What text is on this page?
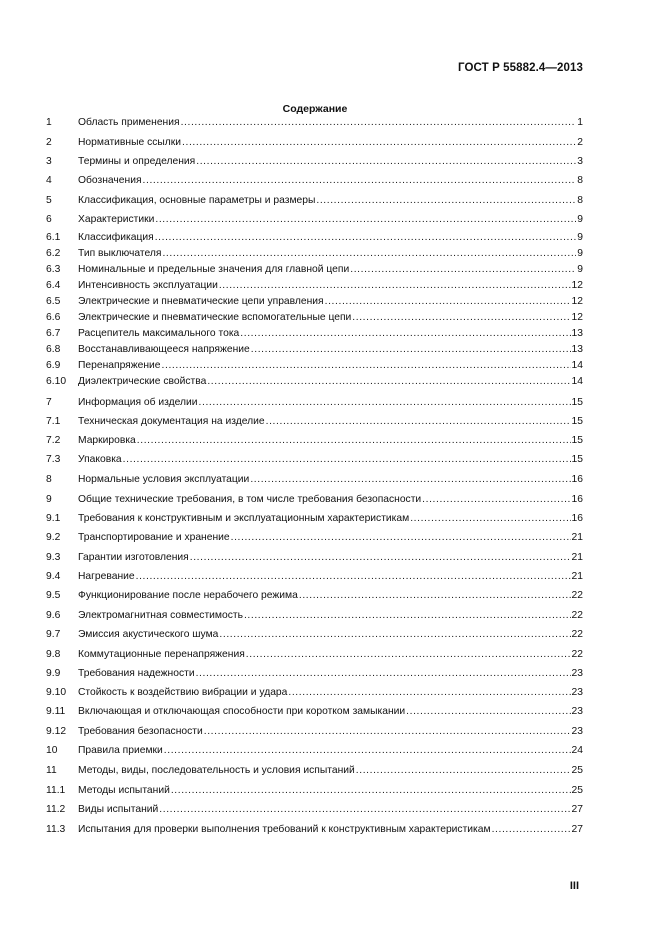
ГОСТ Р 55882.4—2013
Содержание
1	Область применения .....	1
2	Нормативные ссылки .....	2
3	Термины и определения .....	3
4	Обозначения .....	8
5	Классификация, основные параметры и размеры .....	8
6	Характеристики .....	9
6.1 Классификация .....	9
6.2 Тип выключателя .....	9
6.3 Номинальные и предельные значения для главной цепи .....	9
6.4 Интенсивность эксплуатации .....	12
6.5 Электрические и пневматические цепи управления .....	12
6.6 Электрические и пневматические вспомогательные цепи .....	12
6.7 Расцепитель максимального тока .....	13
6.8 Восстанавливающееся напряжение .....	13
6.9 Перенапряжение .....	14
6.10 Диэлектрические свойства .....	14
7	Информация об изделии .....	15
7.1 Техническая документация на изделие .....	15
7.2 Маркировка .....	15
7.3 Упаковка .....	15
8	Нормальные условия эксплуатации .....	16
9	Общие технические требования, в том числе требования безопасности .....	16
9.1 Требования к конструктивным и эксплуатационным характеристикам .....	16
9.2 Транспортирование и хранение .....	21
9.3 Гарантии изготовления .....	21
9.4 Нагревание .....	21
9.5 Функционирование после нерабочего режима .....	22
9.6 Электромагнитная совместимость .....	22
9.7 Эмиссия акустического шума .....	22
9.8 Коммутационные перенапряжения .....	22
9.9 Требования надежности .....	23
9.10 Стойкость к воздействию вибрации и удара .....	23
9.11 Включающая и отключающая способности при коротком замыкании .....	23
9.12 Требования безопасности .....	23
10 Правила приемки .....	24
11 Методы, виды, последовательность и условия испытаний .....	25
11.1 Методы испытаний .....	25
11.2 Виды испытаний .....	27
11.3 Испытания для проверки выполнения требований к конструктивным характеристикам .....	27
III
